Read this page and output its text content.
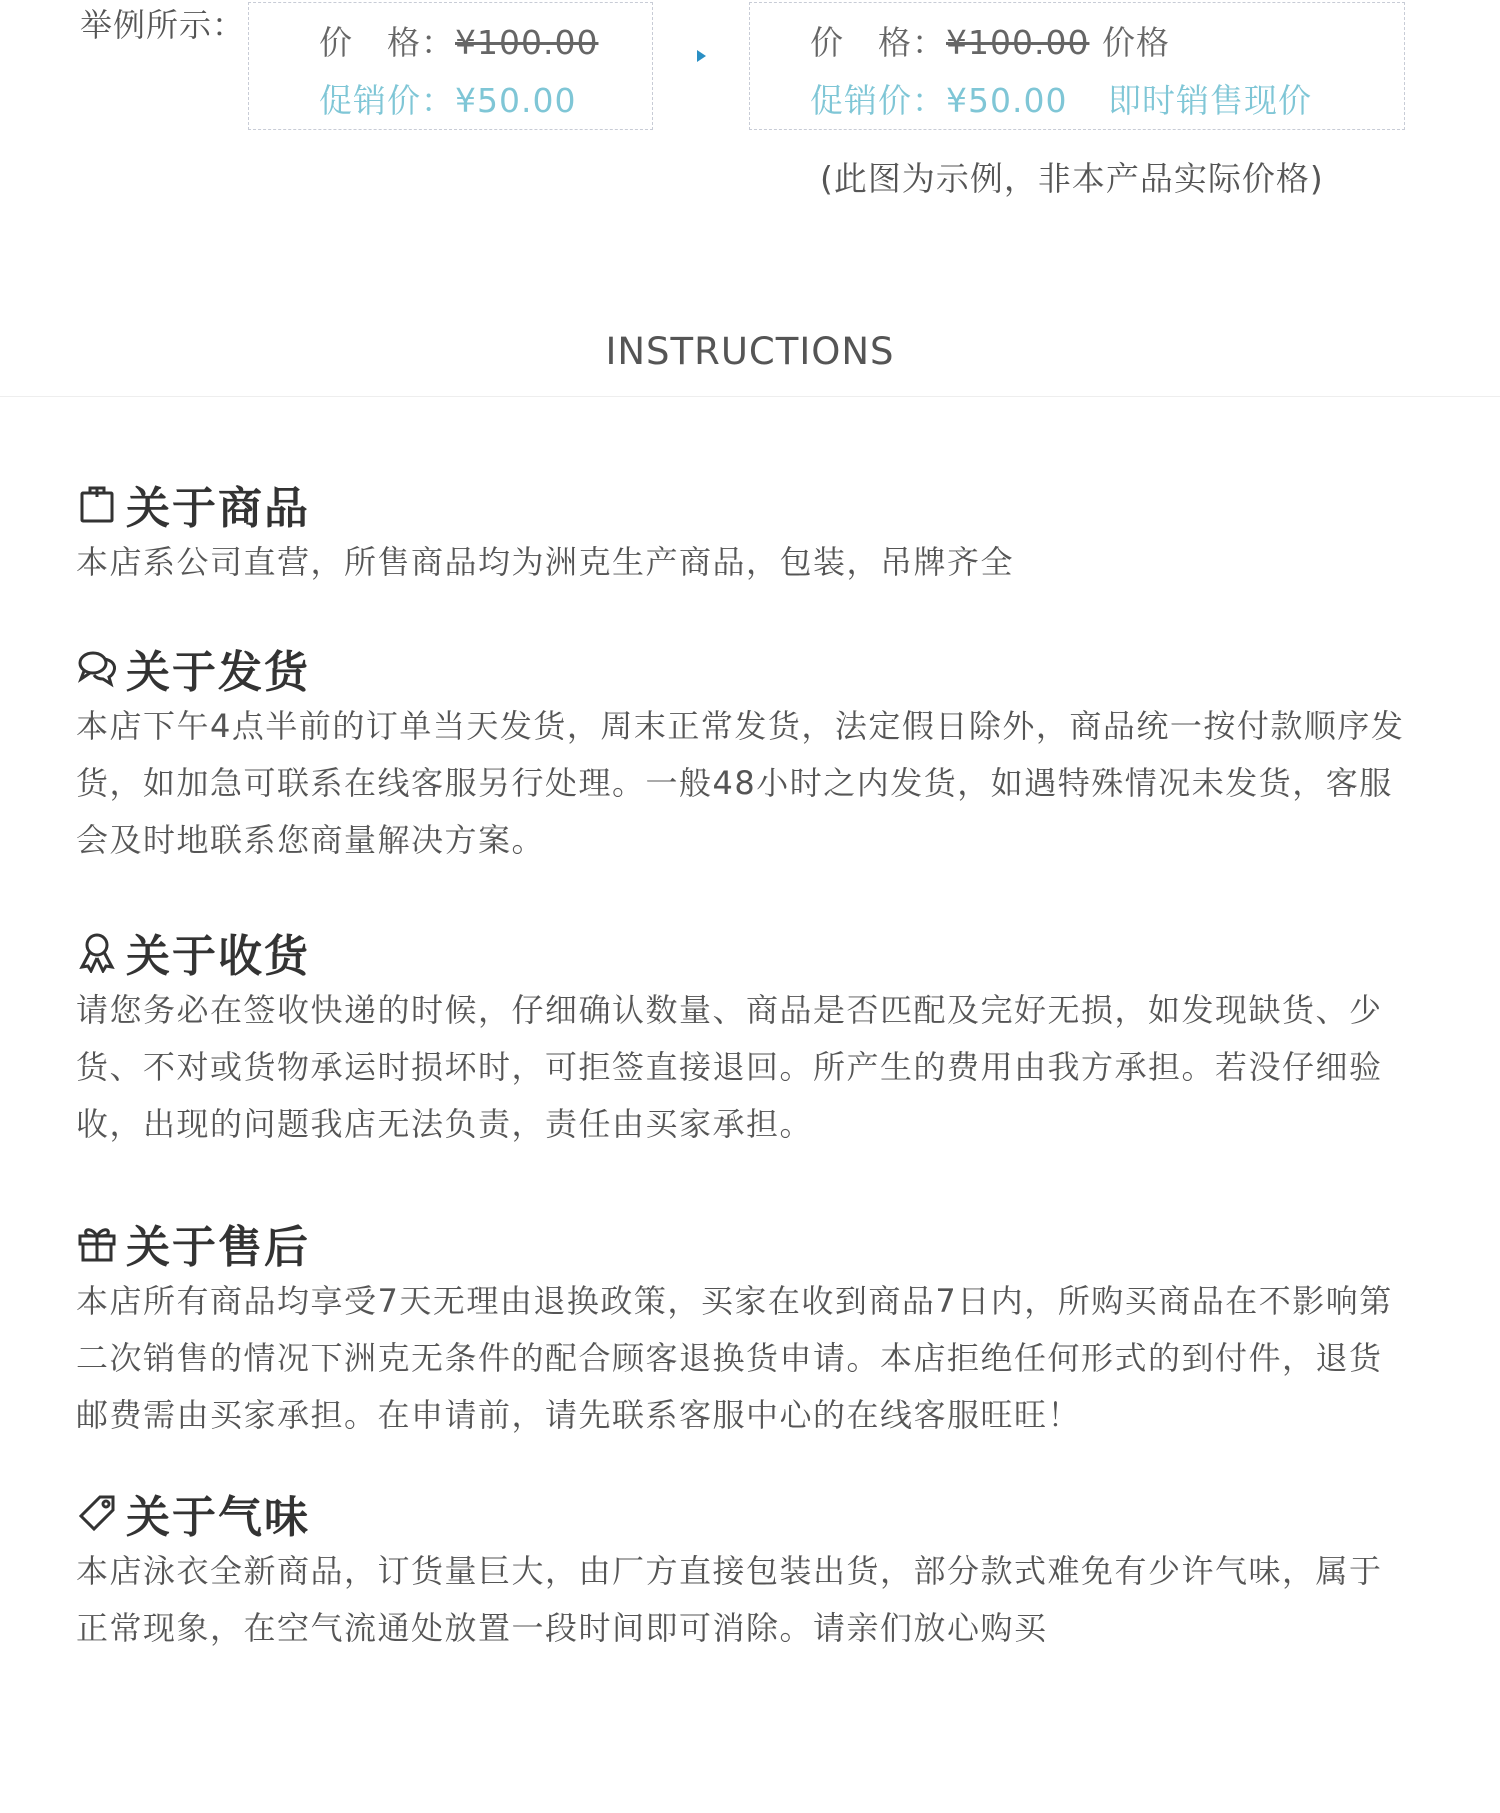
举例所示： 价　格：¥100.00
促销价：¥50.00
价　格：¥100.00 价格
促销价：¥50.00 即时销售现价
(此图为示例，非本产品实际价格)
INSTRUCTIONS
关于商品
本店系公司直营，所售商品均为洲克生产商品，包装，吊牌齐全
关于发货
本店下午4点半前的订单当天发货，周末正常发货，法定假日除外，商品统一按付款顺序发货，如加急可联系在线客服另行处理。一般48小时之内发货，如遇特殊情况未发货，客服会及时地联系您商量解决方案。
关于收货
请您务必在签收快递的时候，仔细确认数量、商品是否匹配及完好无损，如发现缺货、少货、不对或货物承运时损坏时，可拒签直接退回。所产生的费用由我方承担。若没仔细验收，出现的问题我店无法负责，责任由买家承担。
关于售后
本店所有商品均享受7天无理由退换政策，买家在收到商品7日内，所购买商品在不影响第二次销售的情况下洲克无条件的配合顾客退换货申请。本店拒绝任何形式的到付件，退货邮费需由买家承担。在申请前，请先联系客服中心的在线客服旺旺！
关于气味
本店泳衣全新商品，订货量巨大，由厂方直接包装出货，部分款式难免有少许气味，属于正常现象，在空气流通处放置一段时间即可消除。请亲们放心购买
